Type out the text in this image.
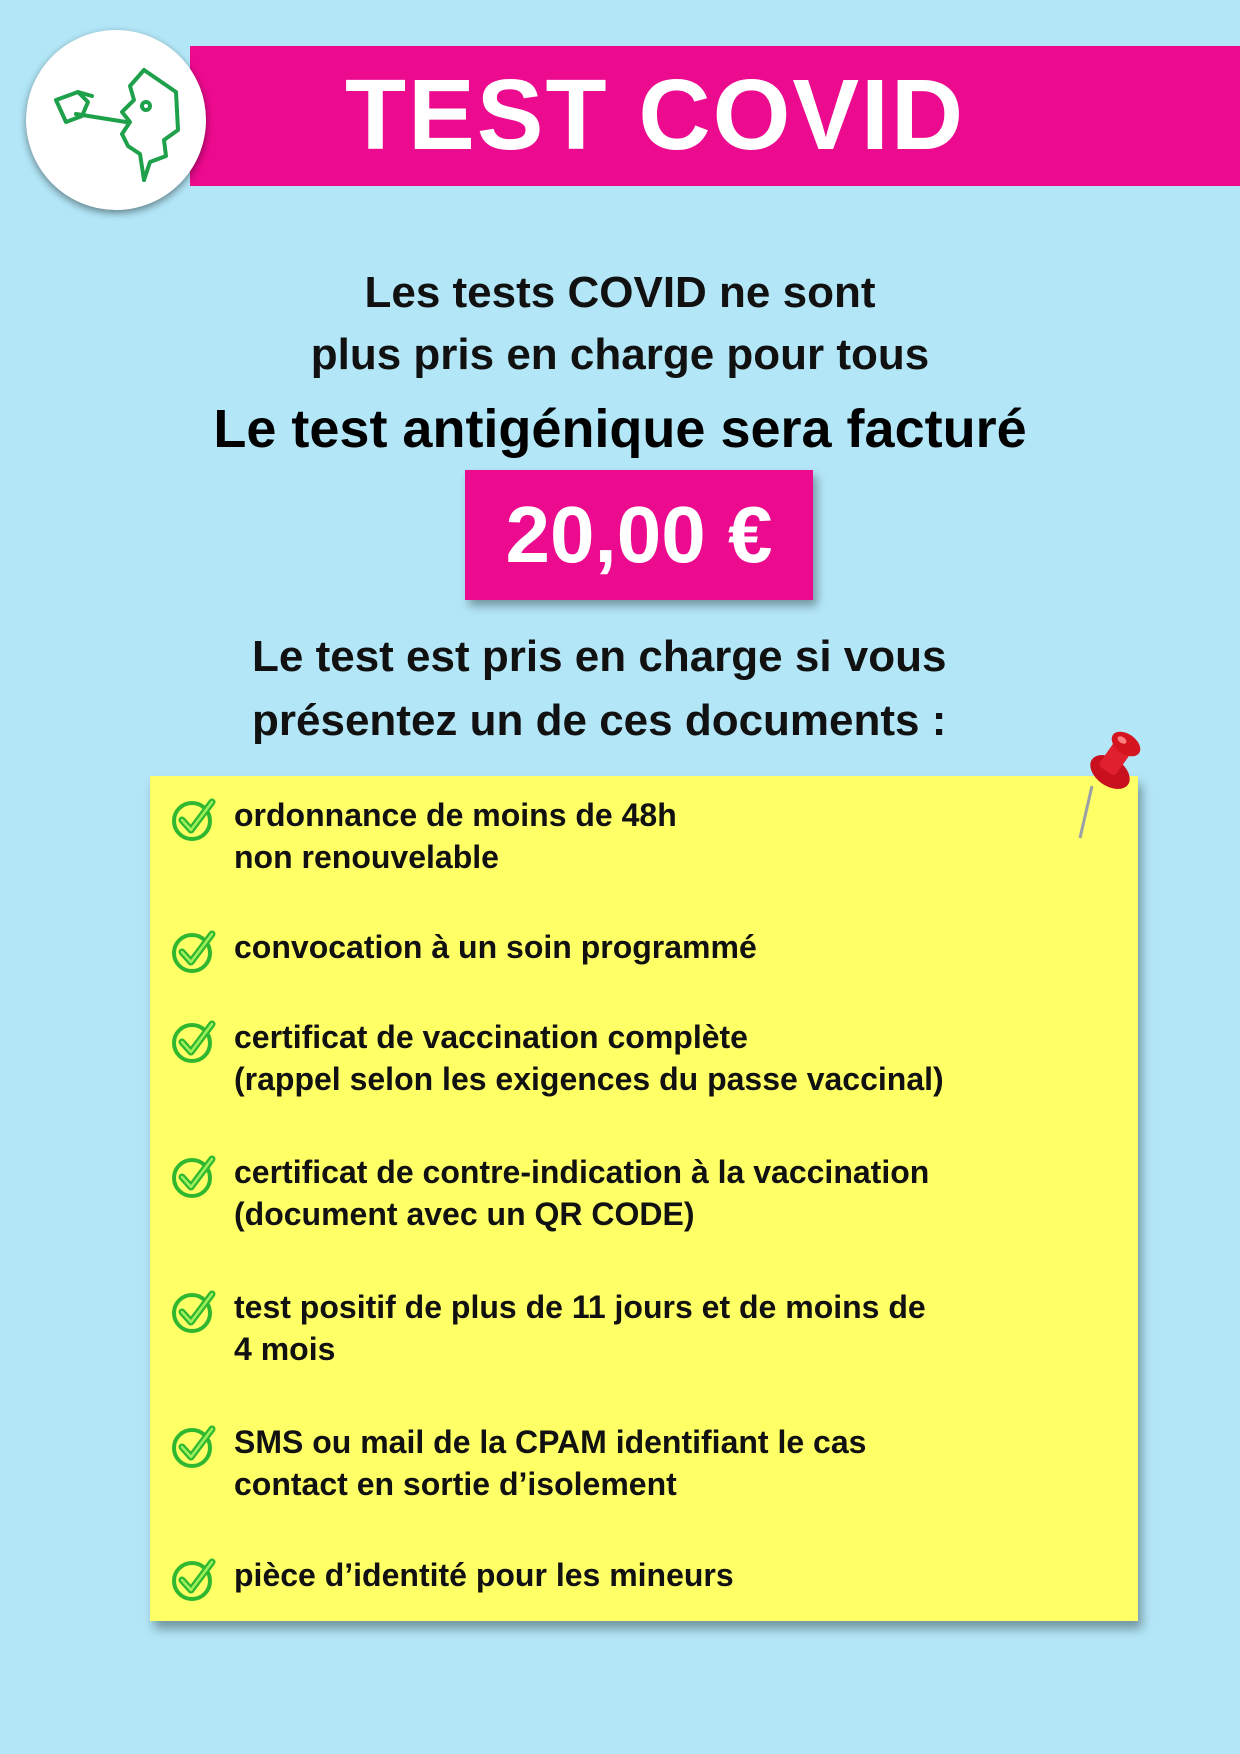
TEST COVID
Les tests COVID ne sont
plus pris en charge pour tous
Le test antigénique sera facturé
20,00 €
Le test est pris en charge si vous
présentez un de ces documents :
ordonnance de moins de 48h
non renouvelable
convocation à un soin programmé
certificat de vaccination complète
(rappel selon les exigences du passe vaccinal)
certificat de contre-indication à la vaccination
(document avec un QR CODE)
test positif de plus de 11 jours et de moins de
4 mois
SMS ou mail de la CPAM identifiant le cas
contact en sortie d’isolement
pièce d’identité pour les mineurs
